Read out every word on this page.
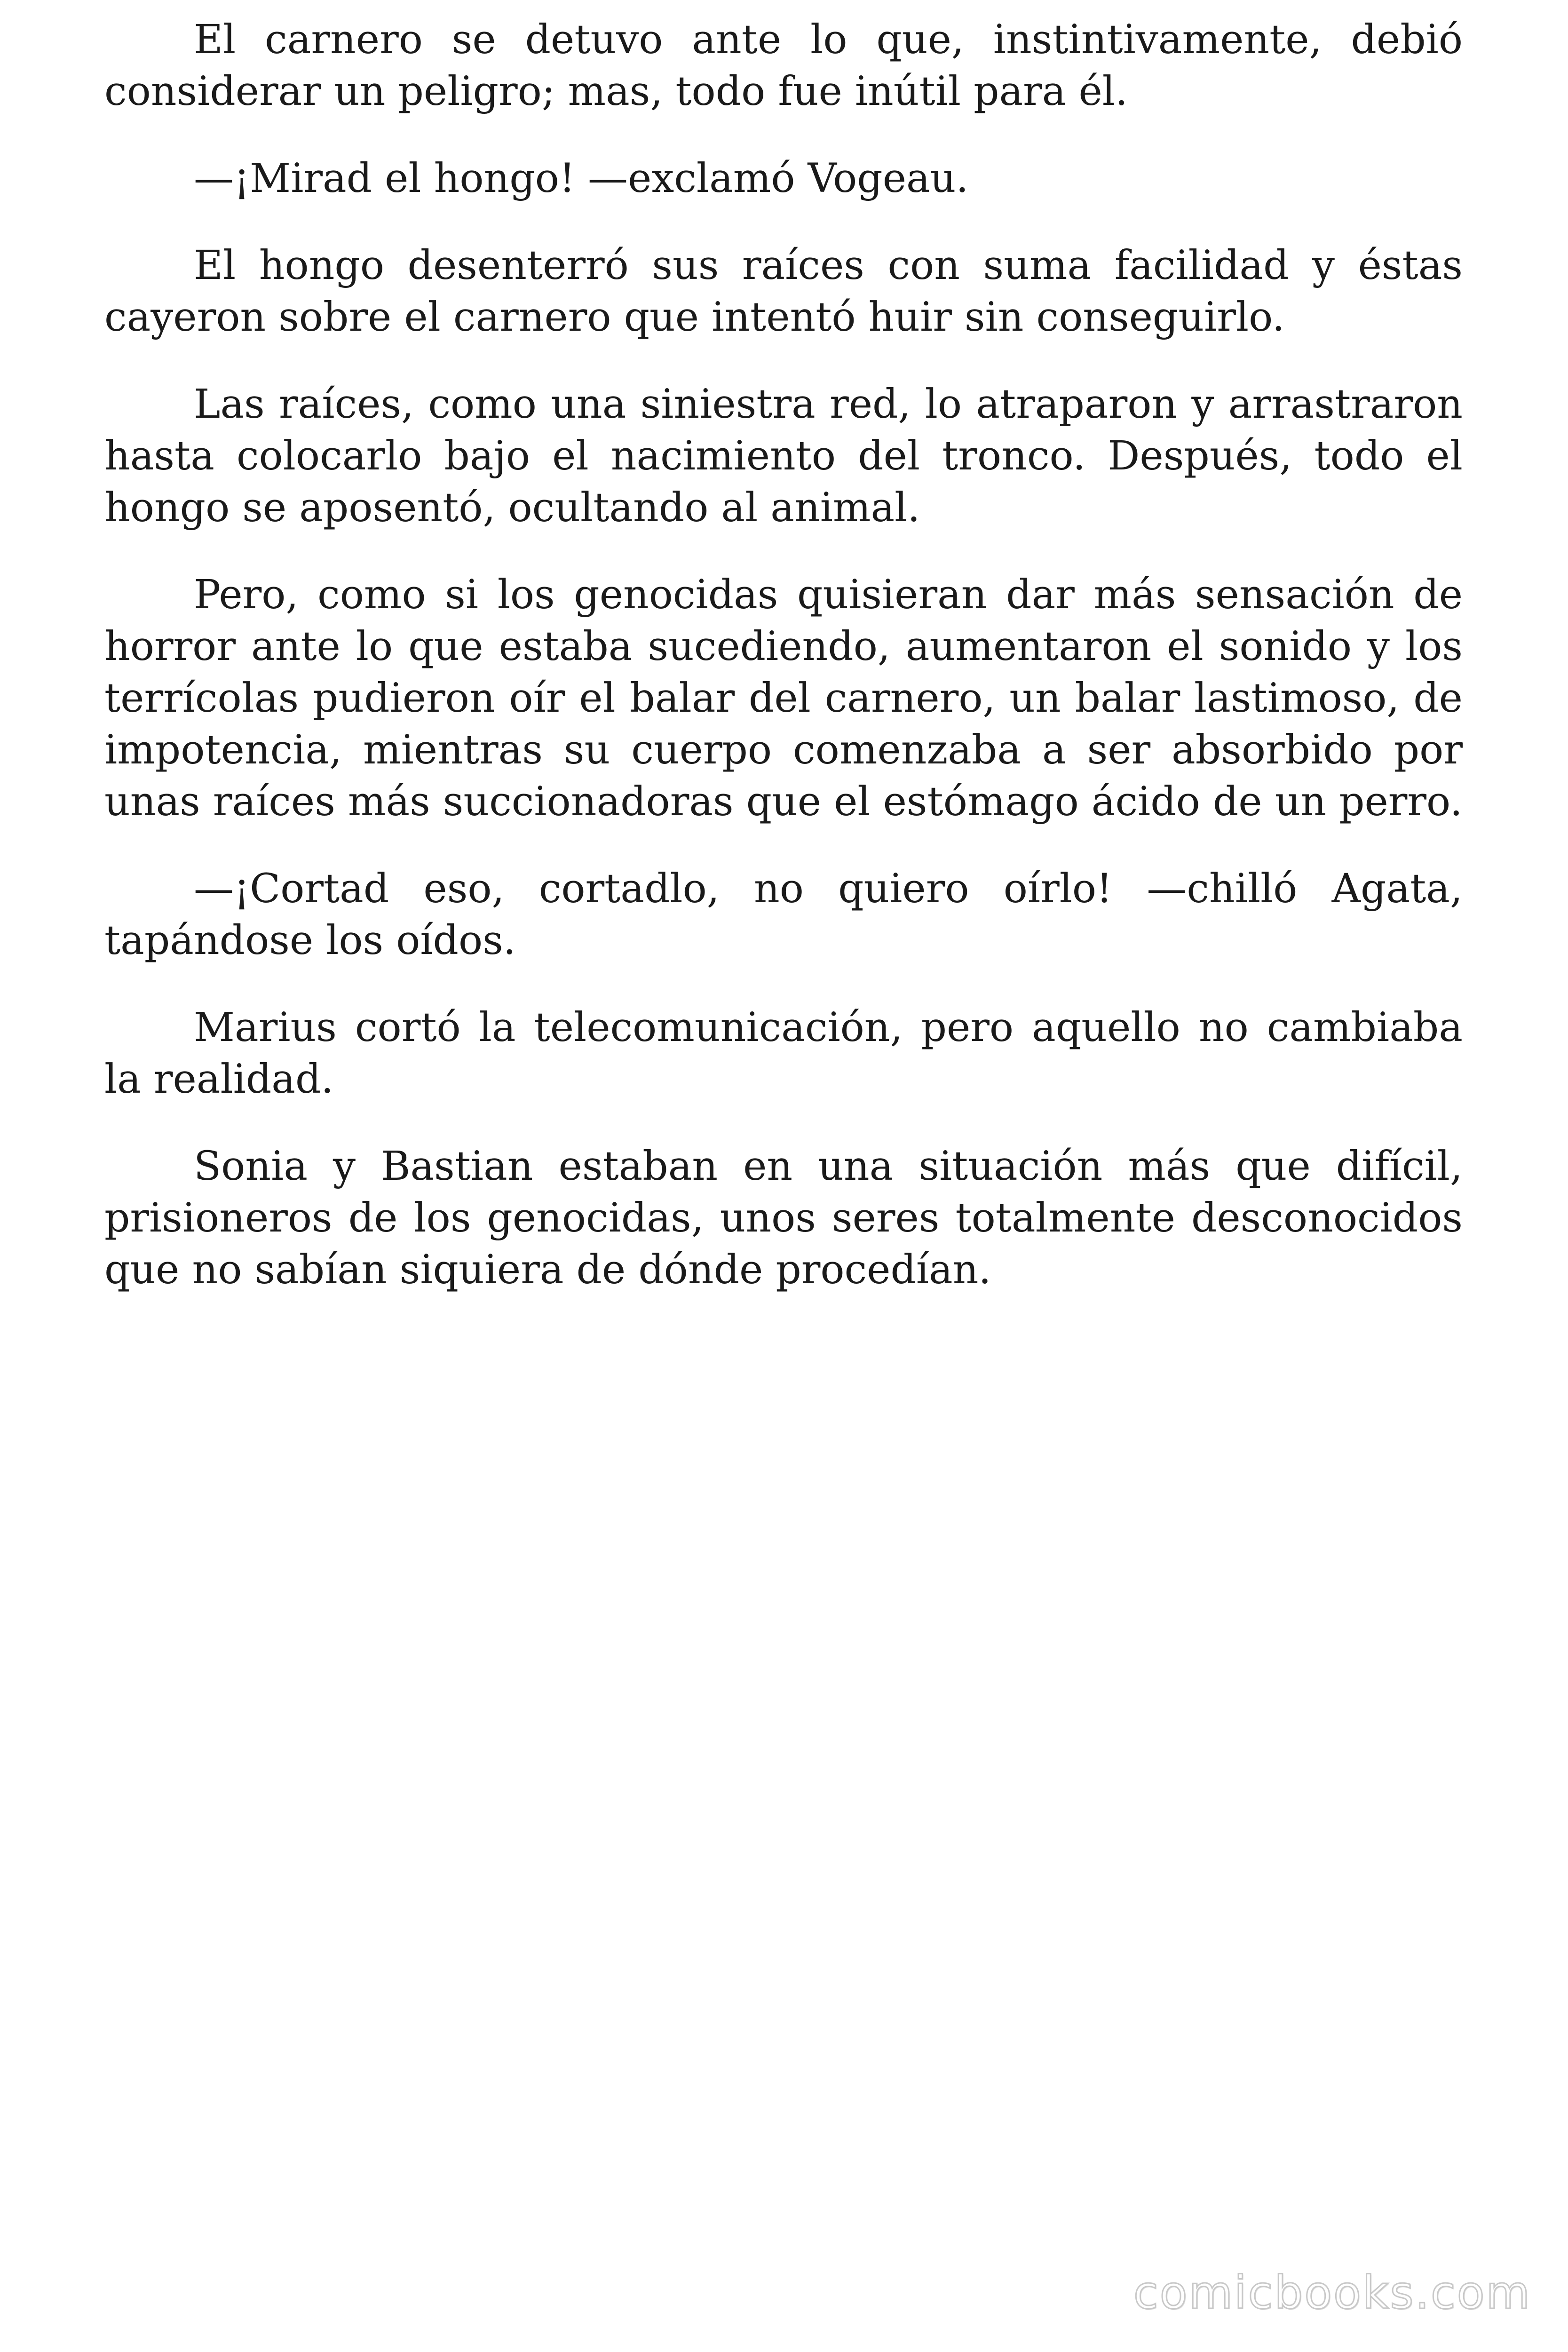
El carnero se detuvo ante lo que, instintivamente, debió considerar un peligro; mas, todo fue inútil para él.

—¡Mirad el hongo! —exclamó Vogeau.

El hongo desenterró sus raíces con suma facilidad y éstas cayeron sobre el carnero que intentó huir sin conseguirlo.

Las raíces, como una siniestra red, lo atraparon y arrastraron hasta colocarlo bajo el nacimiento del tronco. Después, todo el hongo se aposentó, ocultando al animal.

Pero, como si los genocidas quisieran dar más sensación de horror ante lo que estaba sucediendo, aumentaron el sonido y los terrícolas pudieron oír el balar del carnero, un balar lastimoso, de impotencia, mientras su cuerpo comenzaba a ser absorbido por unas raíces más succionadoras que el estómago ácido de un perro.

—¡Cortad eso, cortadlo, no quiero oírlo! —chilló Agata, tapándose los oídos.

Marius cortó la telecomunicación, pero aquello no cambiaba la realidad.

Sonia y Bastian estaban en una situación más que difícil, prisioneros de los genocidas, unos seres totalmente desconocidos que no sabían siquiera de dónde procedían.

comicbooks.com
